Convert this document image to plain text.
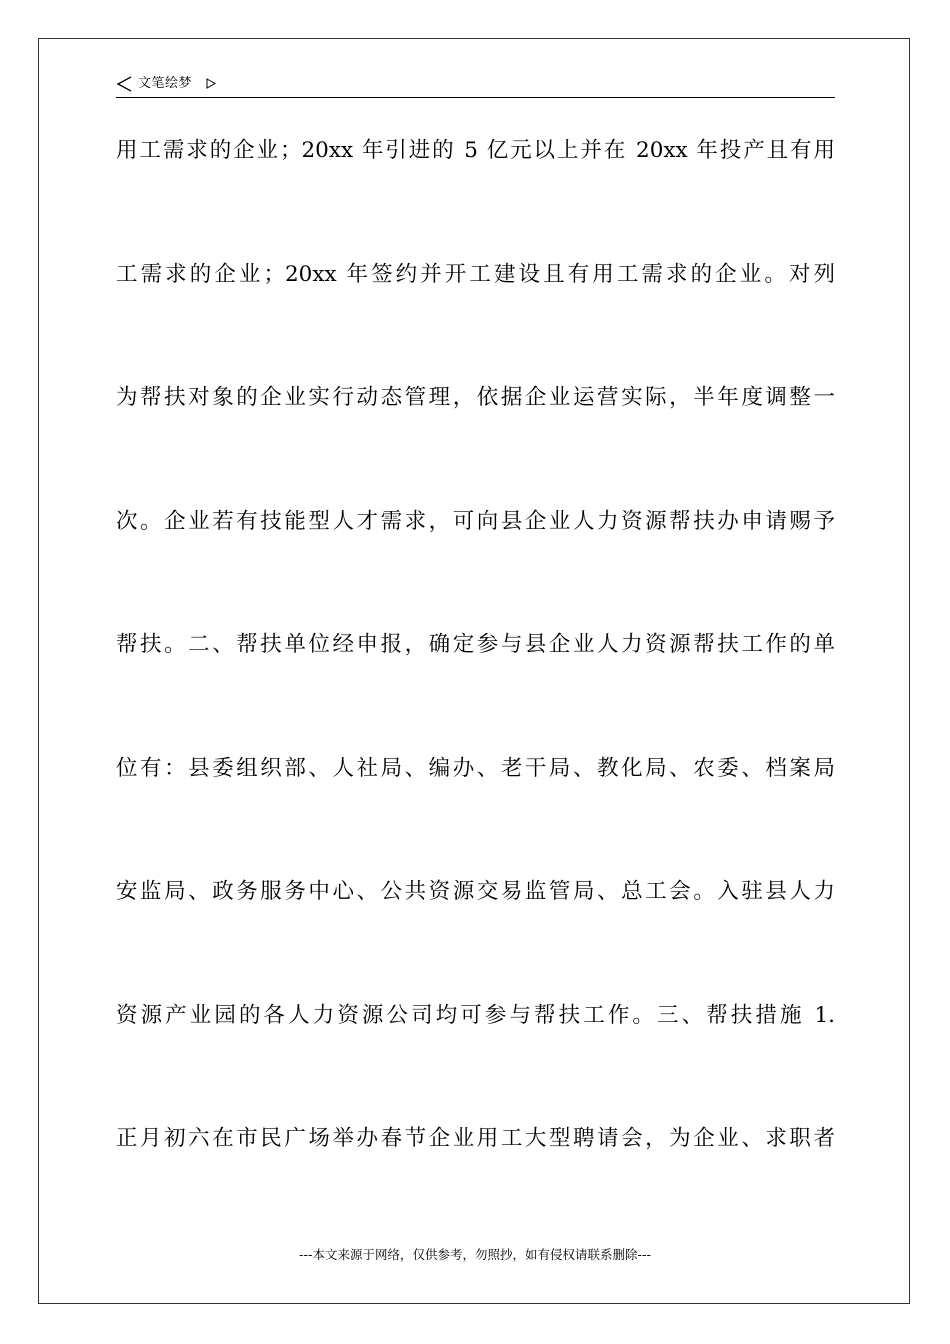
文笔绘梦
用工需求的企业；20xx 年引进的 5 亿元以上并在 20xx 年投产且有用
工需求的企业；20xx 年签约并开工建设且有用工需求的企业。对列
为帮扶对象的企业实行动态管理，依据企业运营实际，半年度调整一
次。企业若有技能型人才需求，可向县企业人力资源帮扶办申请赐予
帮扶。二、帮扶单位经申报，确定参与县企业人力资源帮扶工作的单
位有：县委组织部、人社局、编办、老干局、教化局、农委、档案局
安监局、政务服务中心、公共资源交易监管局、总工会。入驻县人力
资源产业园的各人力资源公司均可参与帮扶工作。三、帮扶措施 1.
正月初六在市民广场举办春节企业用工大型聘请会，为企业、求职者
---本文来源于网络，仅供参考，勿照抄，如有侵权请联系删除---
